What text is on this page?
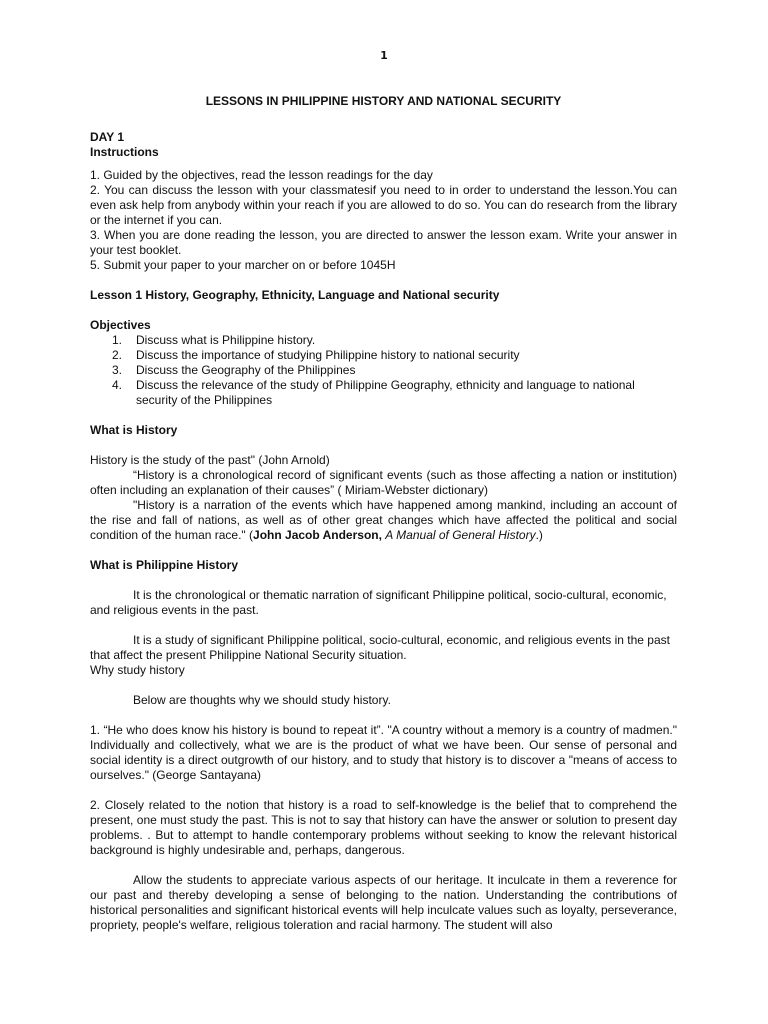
1

LESSONS IN PHILIPPINE HISTORY AND NATIONAL SECURITY

DAY 1

Instructions

1. Guided by the objectives, read the lesson readings for the day

2. You can discuss the lesson with your classmatesif you need to in order to understand the lesson.You can even ask help from anybody within your reach if you are allowed to do so. You can do research from the library or the internet if you can.

3. When you are done reading the lesson, you are directed to answer the lesson exam. Write your answer in your test booklet.

5. Submit your paper to your marcher on or before 1045H

Lesson 1 History, Geography, Ethnicity, Language and National security

Objectives

1. Discuss what is Philippine history.
2. Discuss the importance of studying Philippine history to national security
3. Discuss the Geography of the Philippines
4. Discuss the relevance of the study of Philippine Geography, ethnicity and language to national security of the Philippines

What is History

History is the study of the past" (John Arnold)

“History is a chronological record of significant events (such as those affecting a nation or institution) often including an explanation of their causes” ( Miriam-Webster dictionary)

"History is a narration of the events which have happened among mankind, including an account of the rise and fall of nations, as well as of other great changes which have affected the political and social condition of the human race." (John Jacob Anderson, A Manual of General History.)

What is Philippine History

It is the chronological or thematic narration of significant Philippine political, socio-cultural, economic, and religious events in the past.

It is a study of significant Philippine political, socio-cultural, economic, and religious events in the past that affect the present Philippine National Security situation.

Why study history

Below are thoughts why we should study history.

1. “He who does know his history is bound to repeat it”. "A country without a memory is a country of madmen." Individually and collectively, what we are is the product of what we have been. Our sense of personal and social identity is a direct outgrowth of our history, and to study that history is to discover a "means of access to ourselves." (George Santayana)

2. Closely related to the notion that history is a road to self-knowledge is the belief that to comprehend the present, one must study the past. This is not to say that history can have the answer or solution to present day problems. . But to attempt to handle contemporary problems without seeking to know the relevant historical background is highly undesirable and, perhaps, dangerous.

Allow the students to appreciate various aspects of our heritage. It inculcate in them a reverence for our past and thereby developing a sense of belonging to the nation. Understanding the contributions of historical personalities and significant historical events will help inculcate values such as loyalty, perseverance, propriety, people's welfare, religious toleration and racial harmony. The student will also
